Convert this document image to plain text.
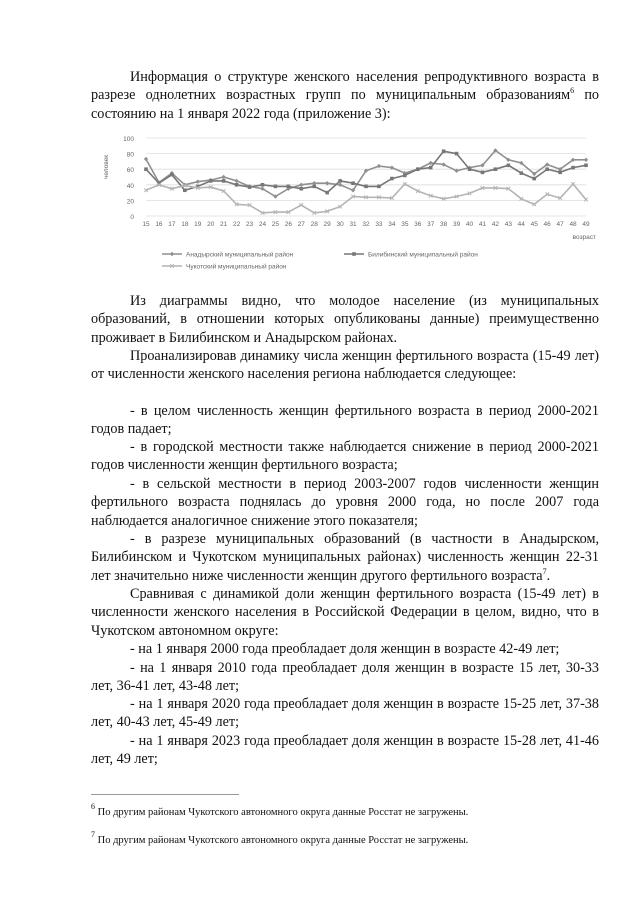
Информация о структуре женского населения репродуктивного возраста в разрезе однолетних возрастных групп по муниципальным образованиям$^6$ по состоянию на 1 января 2022 года (приложение 3):
0
20
40
60
80
100
человек
15 16 17 18 19 20 21 22 23 24 25 26 27 28 29 30 31 32 33 34 35 36 37 38 39 40 41 42 43 44 45 46 47 48 49
возраст
Анадырский муниципальный район	Билибинский муниципальный район
Чукотский муниципальный район
Из диаграммы видно, что молодое население (из муниципальных образований, в отношении которых опубликованы данные) преимущественно проживает в Билибинском и Анадырском районах.
Проанализировав динамику числа женщин фертильного возраста (15-49 лет) от численности женского населения региона наблюдается следующее:
- в целом численность женщин фертильного возраста в период 2000-2021 годов падает;
- в городской местности также наблюдается снижение в период 2000-2021 годов численности женщин фертильного возраста;
- в сельской местности в период 2003-2007 годов численности женщин фертильного возраста поднялась до уровня 2000 года, но после 2007 года наблюдается аналогичное снижение этого показателя;
- в разрезе муниципальных образований (в частности в Анадырском, Билибинском и Чукотском муниципальных районах) численность женщин 22-31 лет значительно ниже численности женщин другого фертильного возраста$^7$.
Сравнивая с динамикой доли женщин фертильного возраста (15-49 лет) в численности женского населения в Российской Федерации в целом, видно, что в Чукотском автономном округе:
- на 1 января 2000 года преобладает доля женщин в возрасте 42-49 лет;
- на 1 января 2010 года преобладает доля женщин в возрасте 15 лет, 30-33 лет, 36-41 лет, 43-48 лет;
- на 1 января 2020 года преобладает доля женщин в возрасте 15-25 лет, 37-38 лет, 40-43 лет, 45-49 лет;
- на 1 января 2023 года преобладает доля женщин в возрасте 15-28 лет, 41-46 лет, 49 лет;
$^6$ По другим районам Чукотского автономного округа данные Росстат не загружены.
$^7$ По другим районам Чукотского автономного округа данные Росстат не загружены.
